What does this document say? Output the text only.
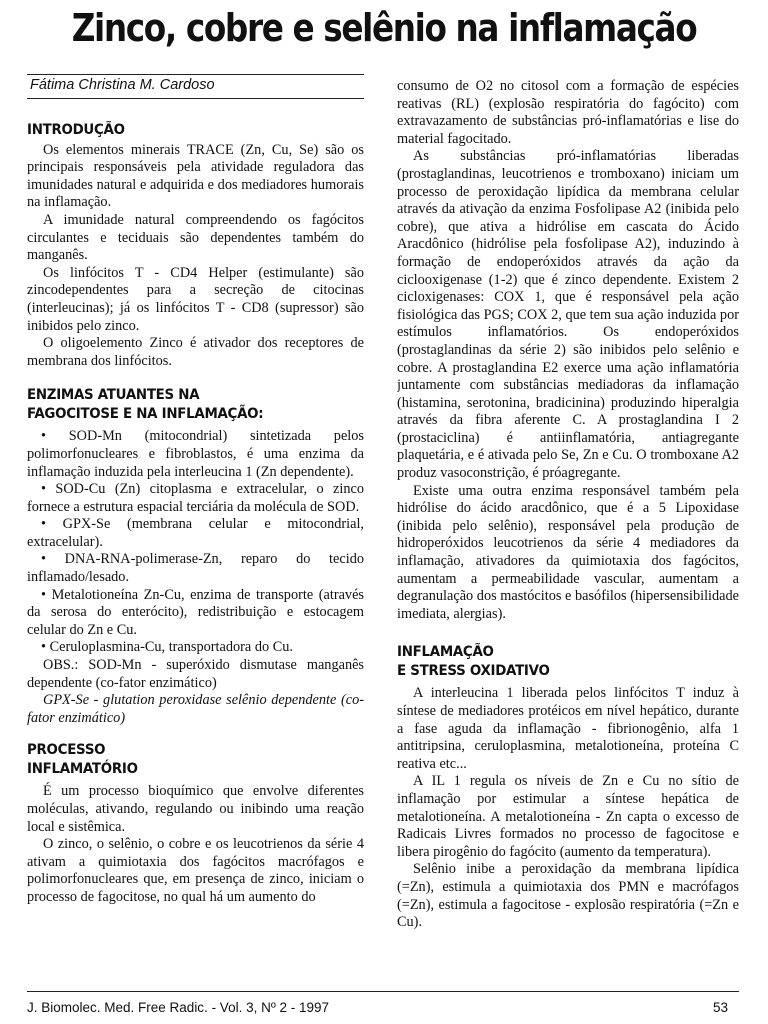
Zinco, cobre e selênio na inflamação
Fátima Christina M. Cardoso
INTRODUÇÃO

Os elementos minerais TRACE (Zn, Cu, Se) são os principais responsáveis pela atividade reguladora das imunidades natural e adquirida e dos mediadores humorais na inflamação.

A imunidade natural compreendendo os fagócitos circulantes e teciduais são dependentes também do manganês.

Os linfócitos T - CD4 Helper (estimulante) são zincodependentes para a secreção de citocinas (interleucinas); já os linfócitos T - CD8 (supressor) são inibidos pelo zinco.

O oligoelemento Zinco é ativador dos receptores de membrana dos linfócitos.

ENZIMAS ATUANTES NA
FAGOCITOSE E NA INFLAMAÇÃO:

• SOD-Mn (mitocondrial) sintetizada pelos polimorfonucleares e fibroblastos, é uma enzima da inflamação induzida pela interleucina 1 (Zn dependente).

• SOD-Cu (Zn) citoplasma e extracelular, o zinco fornece a estrutura espacial terciária da molécula de SOD.

• GPX-Se (membrana celular e mitocondrial, extracelular).

• DNA-RNA-polimerase-Zn, reparo do tecido inflamado/lesado.

• Metalotioneína Zn-Cu, enzima de transporte (através da serosa do enterócito), redistribuição e estocagem celular do Zn e Cu.

• Ceruloplasmina-Cu, transportadora do Cu.

OBS.: SOD-Mn - superóxido dismutase manganês dependente (co-fator enzimático)

GPX-Se - glutation peroxidase selênio dependente (co-fator enzimático)

PROCESSO
INFLAMATÓRIO

É um processo bioquímico que envolve diferentes moléculas, ativando, regulando ou inibindo uma reação local e sistêmica.

O zinco, o selênio, o cobre e os leucotrienos da série 4 ativam a quimiotaxia dos fagócitos macrófagos e polimorfonucleares que, em presença de zinco, iniciam o processo de fagocitose, no qual há um aumento do

consumo de O2 no citosol com a formação de espécies reativas (RL) (explosão respiratória do fagócito) com extravazamento de substâncias pró-inflamatórias e lise do material fagocitado.

As substâncias pró-inflamatórias liberadas (prostaglandinas, leucotrienos e tromboxano) iniciam um processo de peroxidação lipídica da membrana celular através da ativação da enzima Fosfolipase A2 (inibida pelo cobre), que ativa a hidrólise em cascata do Ácido Aracdônico (hidrólise pela fosfolipase A2), induzindo à formação de endoperóxidos através da ação da ciclooxigenase (1-2) que é zinco dependente. Existem 2 cicloxigenases: COX 1, que é responsável pela ação fisiológica das PGS; COX 2, que tem sua ação induzida por estímulos inflamatórios. Os endoperóxidos (prostaglandinas da série 2) são inibidos pelo selênio e cobre. A prostaglandina E2 exerce uma ação inflamatória juntamente com substâncias mediadoras da inflamação (histamina, serotonina, bradicinina) produzindo hiperalgia através da fibra aferente C. A prostaglandina I 2 (prostaciclina) é antiinflamatória, antiagregante plaquetária, e é ativada pelo Se, Zn e Cu. O tromboxane A2 produz vasoconstrição, é próagregante.

Existe uma outra enzima responsável também pela hidrólise do ácido aracdônico, que é a 5 Lipoxidase (inibida pelo selênio), responsável pela produção de hidroperóxidos leucotrienos da série 4 mediadores da inflamação, ativadores da quimiotaxia dos fagócitos, aumentam a permeabilidade vascular, aumentam a degranulação dos mastócitos e basófilos (hipersensibilidade imediata, alergias).

INFLAMAÇÃO
E STRESS OXIDATIVO

A interleucina 1 liberada pelos linfócitos T induz à síntese de mediadores protéicos em nível hepático, durante a fase aguda da inflamação - fibrionogênio, alfa 1 antitripsina, ceruloplasmina, metalotioneína, proteína C reativa etc...

A IL 1 regula os níveis de Zn e Cu no sítio de inflamação por estimular a síntese hepática de metalotioneína. A metalotioneína - Zn capta o excesso de Radicais Livres formados no processo de fagocitose e libera pirogênio do fagócito (aumento da temperatura).

Selênio inibe a peroxidação da membrana lipídica (=Zn), estimula a quimiotaxia dos PMN e macrófagos (=Zn), estimula a fagocitose - explosão respiratória (=Zn e Cu).

J. Biomolec. Med. Free Radic. - Vol. 3, Nº 2 - 1997	53
